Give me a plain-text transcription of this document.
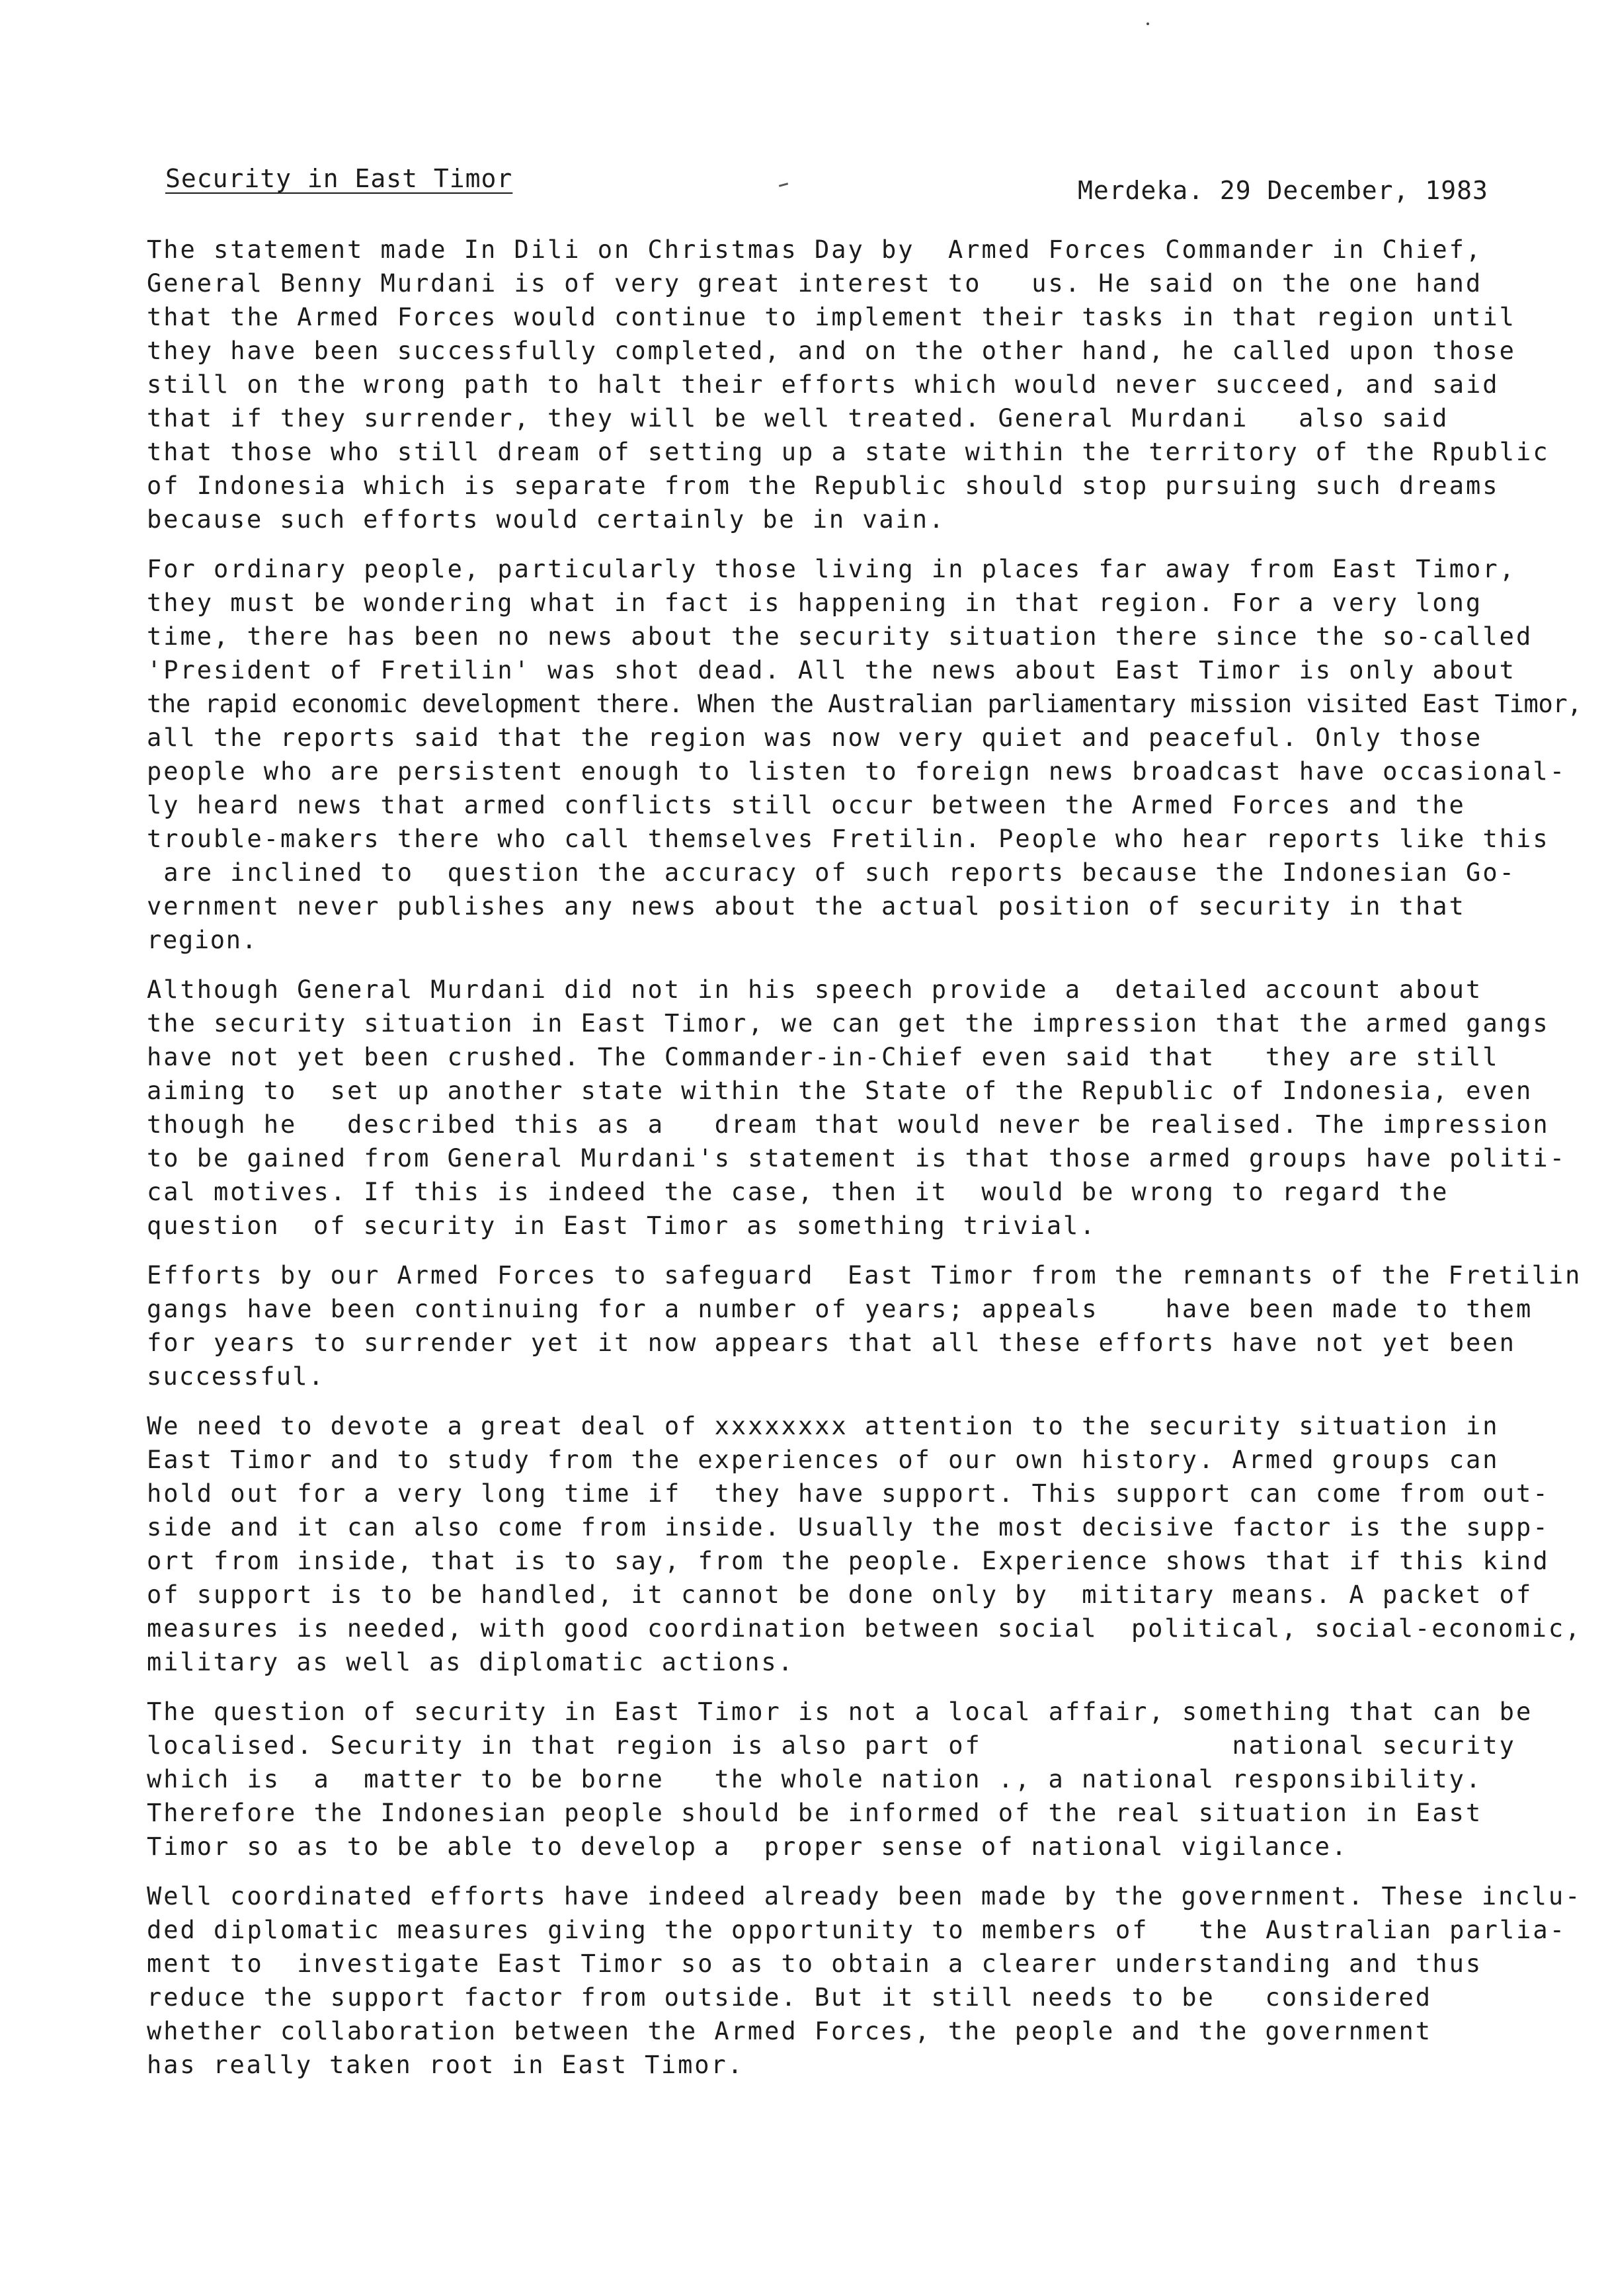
Security in East Timor	Merdeka. 29 December, 1983
The statement made In Dili on Christmas Day by  Armed Forces Commander in Chief,
General Benny Murdani is of very great interest to   us. He said on the one hand
that the Armed Forces would continue to implement their tasks in that region until
they have been successfully completed, and on the other hand, he called upon those
still on the wrong path to halt their efforts which would never succeed, and said
that if they surrender, they will be well treated. General Murdani   also said
that those who still dream of setting up a state within the territory of the Rpublic
of Indonesia which is separate from the Republic should stop pursuing such dreams
because such efforts would certainly be in vain.
For ordinary people, particularly those living in places far away from East Timor,
they must be wondering what in fact is happening in that region. For a very long
time, there has been no news about the security situation there since the so-called
'President of Fretilin' was shot dead. All the news about East Timor is only about
the rapid economic development there. When the Australian parliamentary mission visited East Timor,
all the reports said that the region was now very quiet and peaceful. Only those
people who are persistent enough to listen to foreign news broadcast have occasional-
ly heard news that armed conflicts still occur between the Armed Forces and the
trouble-makers there who call themselves Fretilin. People who hear reports like this
are inclined to  question the accuracy of such reports because the Indonesian Go-
vernment never publishes any news about the actual position of security in that
region.
Although General Murdani did not in his speech provide a  detailed account about
the security situation in East Timor, we can get the impression that the armed gangs
have not yet been crushed. The Commander-in-Chief even said that   they are still
aiming to  set up another state within the State of the Republic of Indonesia, even
though he   described this as a   dream that would never be realised. The impression
to be gained from General Murdani's statement is that those armed groups have politi-
cal motives. If this is indeed the case, then it  would be wrong to regard the
question  of security in East Timor as something trivial.
Efforts by our Armed Forces to safeguard  East Timor from the remnants of the Fretilin
gangs have been continuing for a number of years; appeals    have been made to them
for years to surrender yet it now appears that all these efforts have not yet been
successful.
We need to devote a great deal of xxxxxxxx attention to the security situation in
East Timor and to study from the experiences of our own history. Armed groups can
hold out for a very long time if  they have support. This support can come from out-
side and it can also come from inside. Usually the most decisive factor is the supp-
ort from inside, that is to say, from the people. Experience shows that if this kind
of support is to be handled, it cannot be done only by  mititary means. A packet of
measures is needed, with good coordination between social  political, social-economic,
military as well as diplomatic actions.
The question of security in East Timor is not a local affair, something that can be
localised. Security in that region is also part of               national security
which is  a  matter to be borne   the whole nation ., a national responsibility.
Therefore the Indonesian people should be informed of the real situation in East
Timor so as to be able to develop a  proper sense of national vigilance.
Well coordinated efforts have indeed already been made by the government. These inclu-
ded diplomatic measures giving the opportunity to members of   the Australian parlia-
ment to  investigate East Timor so as to obtain a clearer understanding and thus
reduce the support factor from outside. But it still needs to be   considered
whether collaboration between the Armed Forces, the people and the government
has really taken root in East Timor.
